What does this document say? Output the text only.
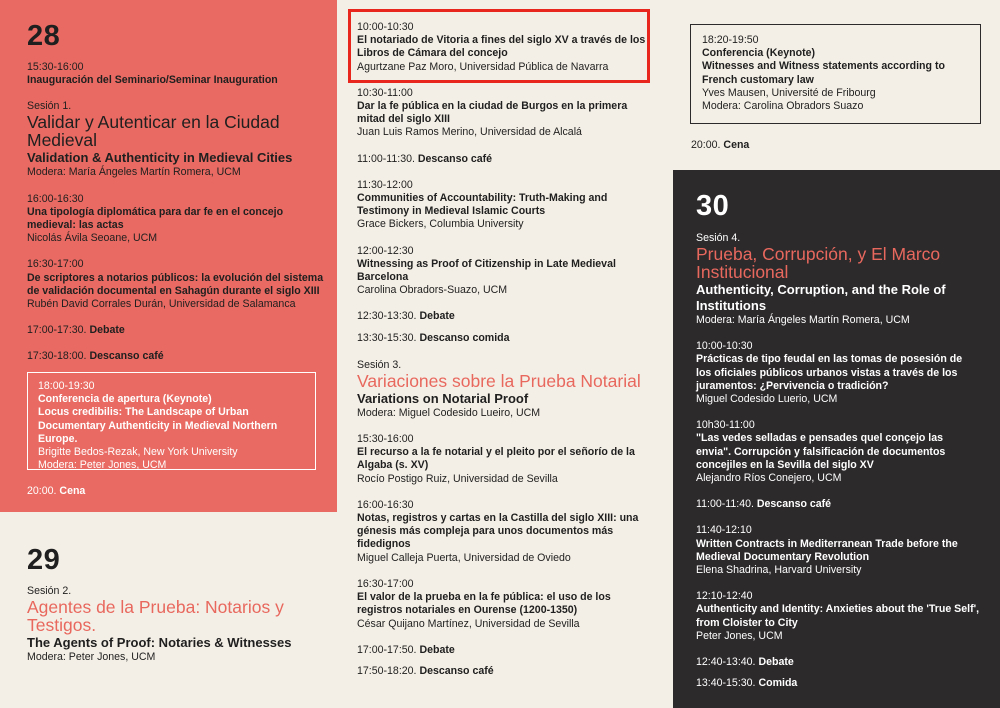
28
15:30-16:00
Inauguración del Seminario/Seminar Inauguration
Sesión 1.
Validar y Autenticar en la Ciudad Medieval
Validation & Authenticity in Medieval Cities
Modera: María Ángeles Martín Romera, UCM
16:00-16:30
Una tipología diplomática para dar fe en el concejo medieval: las actas
Nicolás Ávila Seoane, UCM
16:30-17:00
De scriptores a notarios públicos: la evolución del sistema de validación documental en Sahagún durante el siglo XIII
Rubén David Corrales Durán, Universidad de Salamanca
17:00-17:30. Debate
17:30-18:00. Descanso café
18:00-19:30
Conferencia de apertura (Keynote)
Locus credibilis: The Landscape of Urban Documentary Authenticity in Medieval Northern Europe.
Brigitte Bedos-Rezak, New York University
Modera: Peter Jones, UCM
20:00. Cena
29
Sesión 2.
Agentes de la Prueba: Notarios y Testigos.
The Agents of Proof: Notaries & Witnesses
Modera: Peter Jones, UCM
10:00-10:30
El notariado de Vitoria a fines del siglo XV a través de los Libros de Cámara del concejo
Agurtzane Paz Moro, Universidad Pública de Navarra
10:30-11:00
Dar la fe pública en la ciudad de Burgos en la primera mitad del siglo XIII
Juan Luis Ramos Merino, Universidad de Alcalá
11:00-11:30. Descanso café
11:30-12:00
Communities of Accountability: Truth-Making and Testimony in Medieval Islamic Courts
Grace Bickers, Columbia University
12:00-12:30
Witnessing as Proof of Citizenship in Late Medieval Barcelona
Carolina Obradors-Suazo, UCM
12:30-13:30. Debate
13:30-15:30. Descanso comida
Sesión 3.
Variaciones sobre la Prueba Notarial
Variations on Notarial Proof
Modera: Miguel Codesido Lueiro, UCM
15:30-16:00
El recurso a la fe notarial y el pleito por el señorío de la Algaba (s. XV)
Rocío Postigo Ruiz, Universidad de Sevilla
16:00-16:30
Notas, registros y cartas en la Castilla del siglo XIII: una génesis más compleja para unos documentos más fidedignos
Miguel Calleja Puerta, Universidad de Oviedo
16:30-17:00
El valor de la prueba en la fe pública: el uso de los registros notariales en Ourense (1200-1350)
César Quijano Martínez, Universidad de Sevilla
17:00-17:50. Debate
17:50-18:20. Descanso café
18:20-19:50
Conferencia (Keynote)
Witnesses and Witness statements according to French customary law
Yves Mausen, Université de Fribourg
Modera: Carolina Obradors Suazo
20:00. Cena
30
Sesión 4.
Prueba, Corrupción, y El Marco Institucional
Authenticity, Corruption, and the Role of Institutions
Modera: María Ángeles Martín Romera, UCM
10:00-10:30
Prácticas de tipo feudal en las tomas de posesión de los oficiales públicos urbanos vistas a través de los juramentos: ¿Pervivencia o tradición?
Miguel Codesido Luerio, UCM
10h30-11:00
"Las vedes selladas e pensades quel conçejo las envia". Corrupción y falsificación de documentos concejiles en la Sevilla del siglo XV
Alejandro Ríos Conejero, UCM
11:00-11:40. Descanso café
11:40-12:10
Written Contracts in Mediterranean Trade before the Medieval Documentary Revolution
Elena Shadrina, Harvard University
12:10-12:40
Authenticity and Identity: Anxieties about the 'True Self', from Cloister to City
Peter Jones, UCM
12:40-13:40. Debate
13:40-15:30. Comida
